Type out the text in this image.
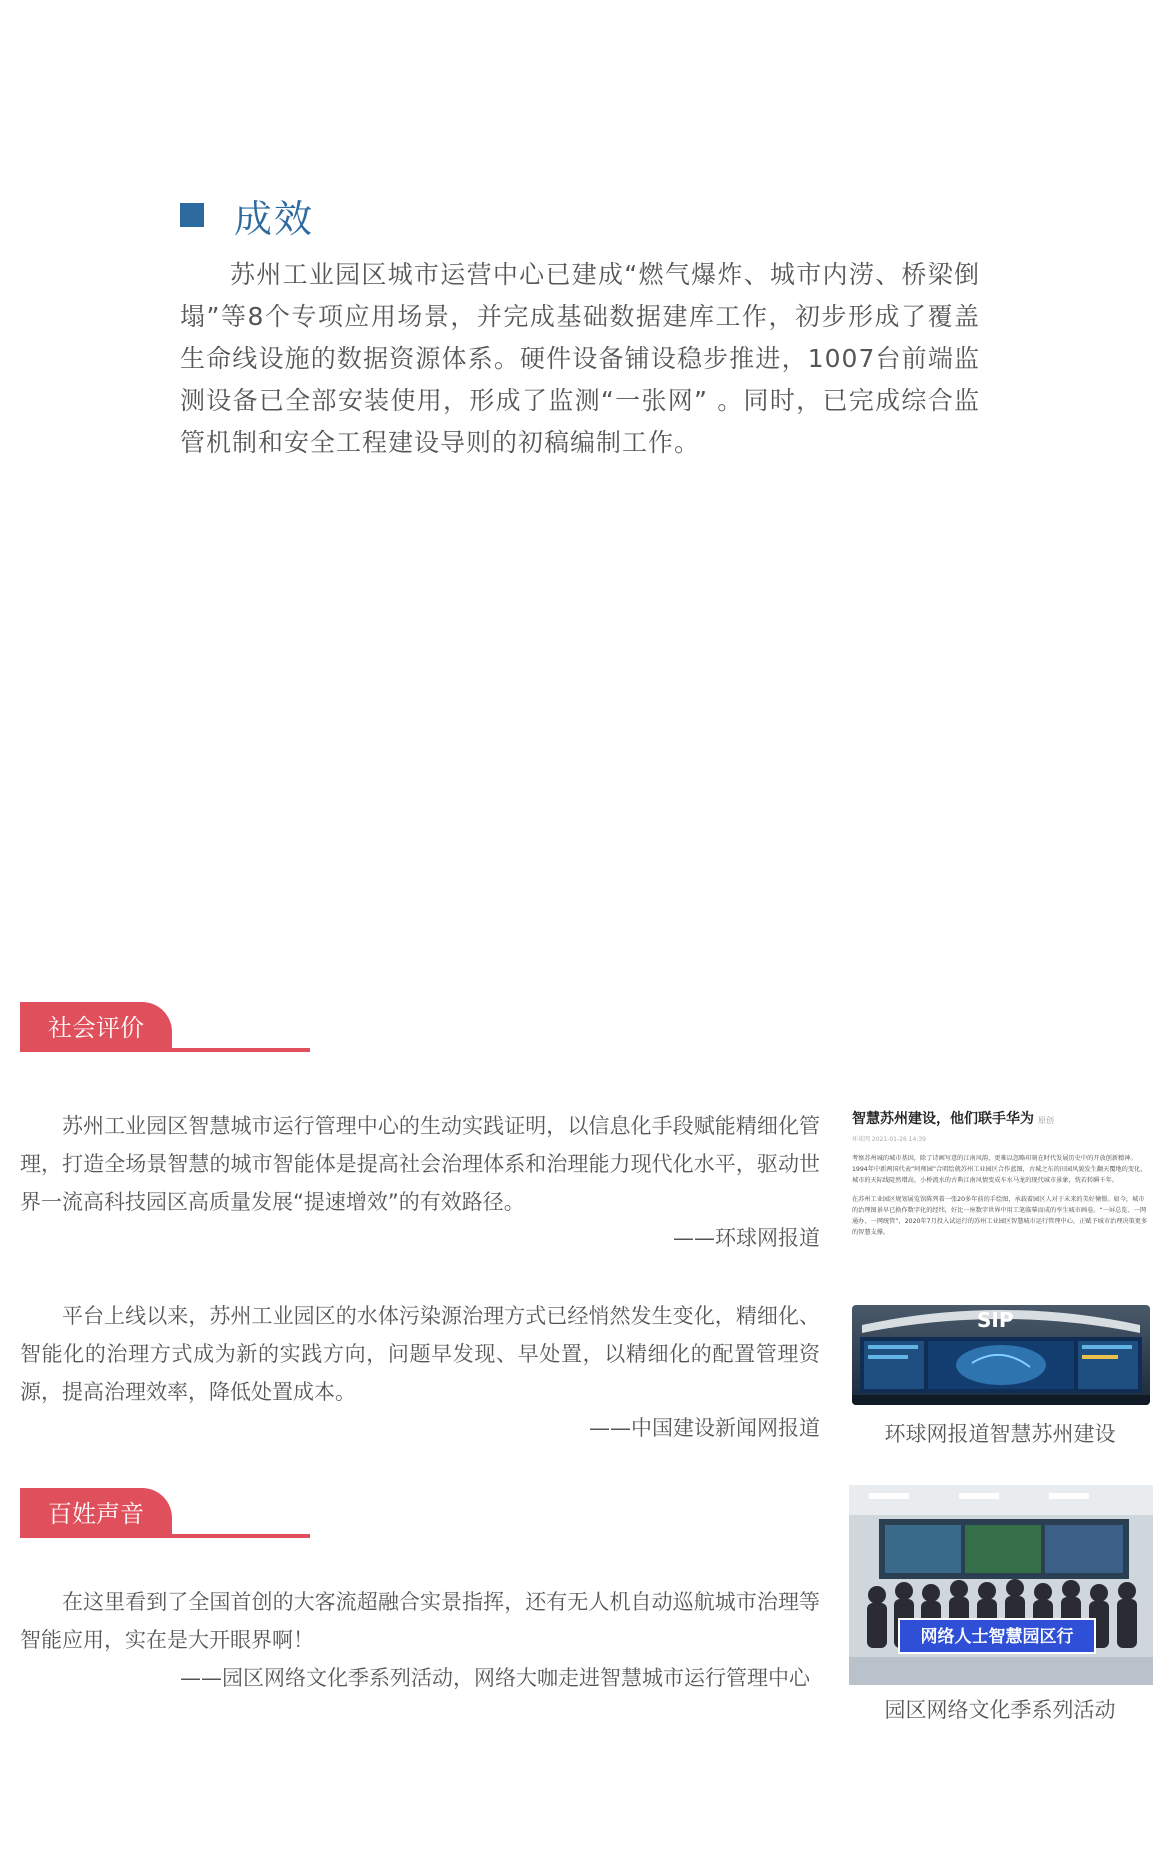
成效

苏州工业园区城市运营中心已建成“燃气爆炸、城市内涝、桥梁倒塌”等8个专项应用场景，并完成基础数据建库工作，初步形成了覆盖生命线设施的数据资源体系。硬件设备铺设稳步推进，1007台前端监测设备已全部安装使用，形成了监测“一张网” 。同时，已完成综合监管机制和安全工程建设导则的初稿编制工作。

社会评价

苏州工业园区智慧城市运行管理中心的生动实践证明，以信息化手段赋能精细化管理，打造全场景智慧的城市智能体是提高社会治理体系和治理能力现代化水平，驱动世界一流高科技园区高质量发展“提速增效”的有效路径。

——环球网报道

平台上线以来，苏州工业园区的水体污染源治理方式已经悄然发生变化，精细化、智能化的治理方式成为新的实践方向，问题早发现、早处置，以精细化的配置管理资源，提高治理效率，降低处置成本。

——中国建设新闻网报道
百姓声音

在这里看到了全国首创的大客流超融合实景指挥，还有无人机自动巡航城市治理等智能应用，实在是大开眼界啊！

——园区网络文化季系列活动，网络大咖走进智慧城市运行管理中心
智慧苏州建设，他们联手华为 原创
环球网 2021-01-26 14:39

考察苏州城的城市基因，除了诗画写意的江南风韵，更难以忽略印刻在时代发展历史中的开放创新精神。1994年中新两国代表“阿师园”合唱绘就苏州工业园区合作蓝图，古城之东的田园风貌发生翻天覆地的变化，城市的天际线陡然增高，小桥流水的古典江南风情变成车水马龙的现代城市景象，恍若转瞬千年。

在苏州工业园区规划展览馆陈列着一张20多年前的手绘图，承载着园区人对于未来的美好憧憬。如今，城市的治理图景早已换作数字化的经纬，好比一座数字世界中用工笔临摹而成的孪生城市画卷。“一屏总览、一网通办、一网统管”，2020年7月投入试运行的苏州工业园区智慧城市运行管理中心，正赋予城市治理决策更多的智慧支撑。

SIP
环球网报道智慧苏州建设
网络人士智慧园区行
园区网络文化季系列活动
